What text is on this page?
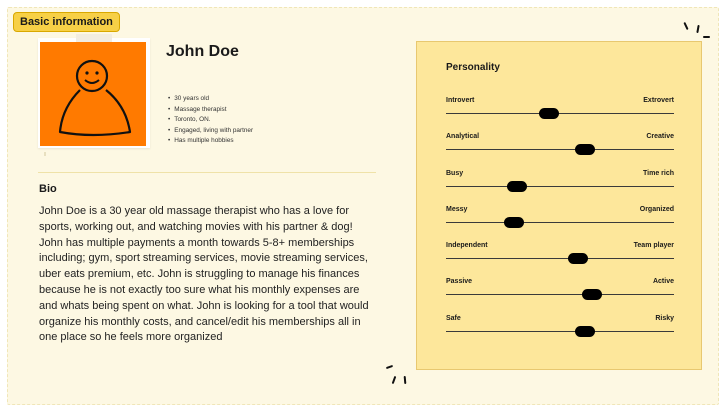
Basic information
John Doe
• 30 years old
• Massage therapist
• Toronto, ON.
• Engaged, living with partner
• Has multiple hobbies
Bio
John Doe is a 30 year old massage therapist who has a love for sports, working out, and watching movies with his partner & dog! John has multiple payments a month towards 5-8+ memberships including; gym, sport streaming services, movie streaming services, uber eats premium, etc. John is struggling to manage his finances because he is not exactly too sure what his monthly expenses are and whats being spent on what. John is looking for a tool that would organize his monthly costs, and cancel/edit his memberships all in one place so he feels more organized
Personality
Introvert	Extrovert
Analytical	Creative
Busy	Time rich
Messy	Organized
Independent	Team player
Passive	Active
Safe	Risky
